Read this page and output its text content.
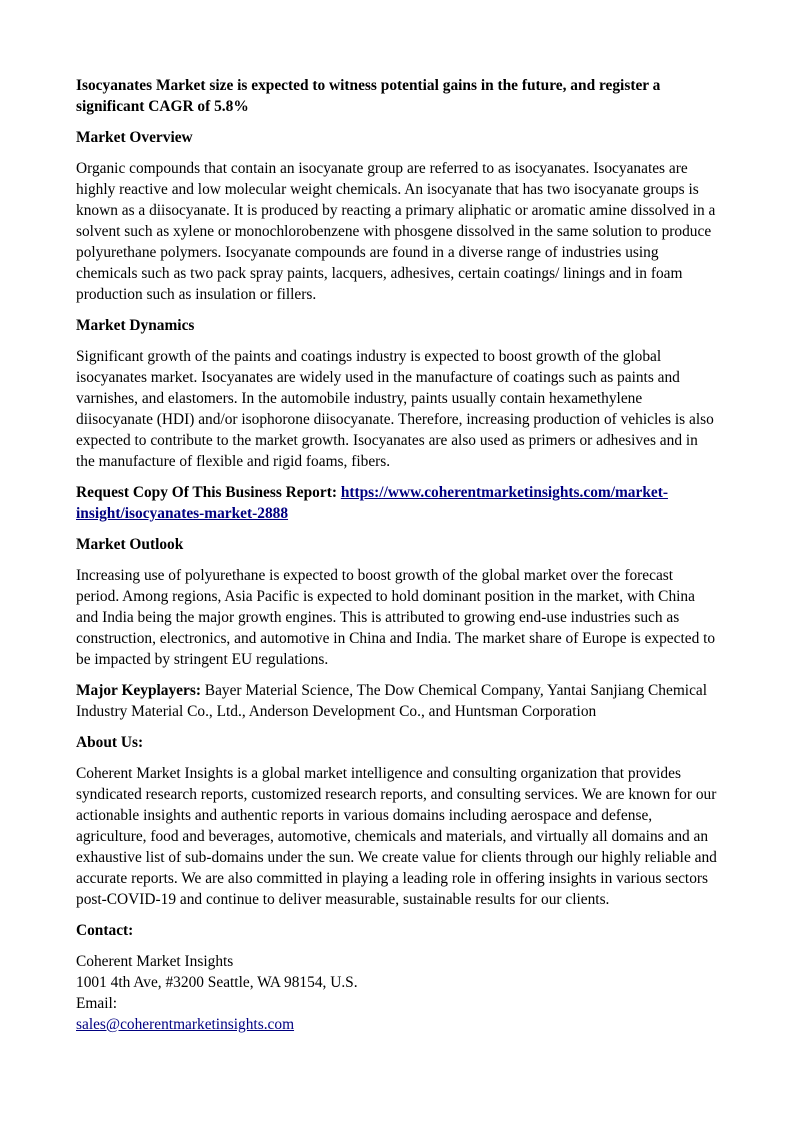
Isocyanates Market size is expected to witness potential gains in the future, and register a significant CAGR of 5.8%
Market Overview

Organic compounds that contain an isocyanate group are referred to as isocyanates. Isocyanates are highly reactive and low molecular weight chemicals. An isocyanate that has two isocyanate groups is known as a diisocyanate. It is produced by reacting a primary aliphatic or aromatic amine dissolved in a solvent such as xylene or monochlorobenzene with phosgene dissolved in the same solution to produce polyurethane polymers. Isocyanate compounds are found in a diverse range of industries using chemicals such as two pack spray paints, lacquers, adhesives, certain coatings/ linings and in foam production such as insulation or fillers.

Market Dynamics

Significant growth of the paints and coatings industry is expected to boost growth of the global isocyanates market. Isocyanates are widely used in the manufacture of coatings such as paints and varnishes, and elastomers. In the automobile industry, paints usually contain hexamethylene diisocyanate (HDI) and/or isophorone diisocyanate. Therefore, increasing production of vehicles is also expected to contribute to the market growth. Isocyanates are also used as primers or adhesives and in the manufacture of flexible and rigid foams, fibers.

Request Copy Of This Business Report: https://www.coherentmarketinsights.com/market-insight/isocyanates-market-2888

Market Outlook

Increasing use of polyurethane is expected to boost growth of the global market over the forecast period. Among regions, Asia Pacific is expected to hold dominant position in the market, with China and India being the major growth engines. This is attributed to growing end-use industries such as construction, electronics, and automotive in China and India. The market share of Europe is expected to be impacted by stringent EU regulations.

Major Keyplayers: Bayer Material Science, The Dow Chemical Company, Yantai Sanjiang Chemical Industry Material Co., Ltd., Anderson Development Co., and Huntsman Corporation

About Us:

Coherent Market Insights is a global market intelligence and consulting organization that provides syndicated research reports, customized research reports, and consulting services. We are known for our actionable insights and authentic reports in various domains including aerospace and defense, agriculture, food and beverages, automotive, chemicals and materials, and virtually all domains and an exhaustive list of sub-domains under the sun. We create value for clients through our highly reliable and accurate reports. We are also committed in playing a leading role in offering insights in various sectors post-COVID-19 and continue to deliver measurable, sustainable results for our clients.

Contact:

Coherent Market Insights
1001 4th Ave, #3200 Seattle, WA 98154, U.S.
Email:
sales@coherentmarketinsights.com
